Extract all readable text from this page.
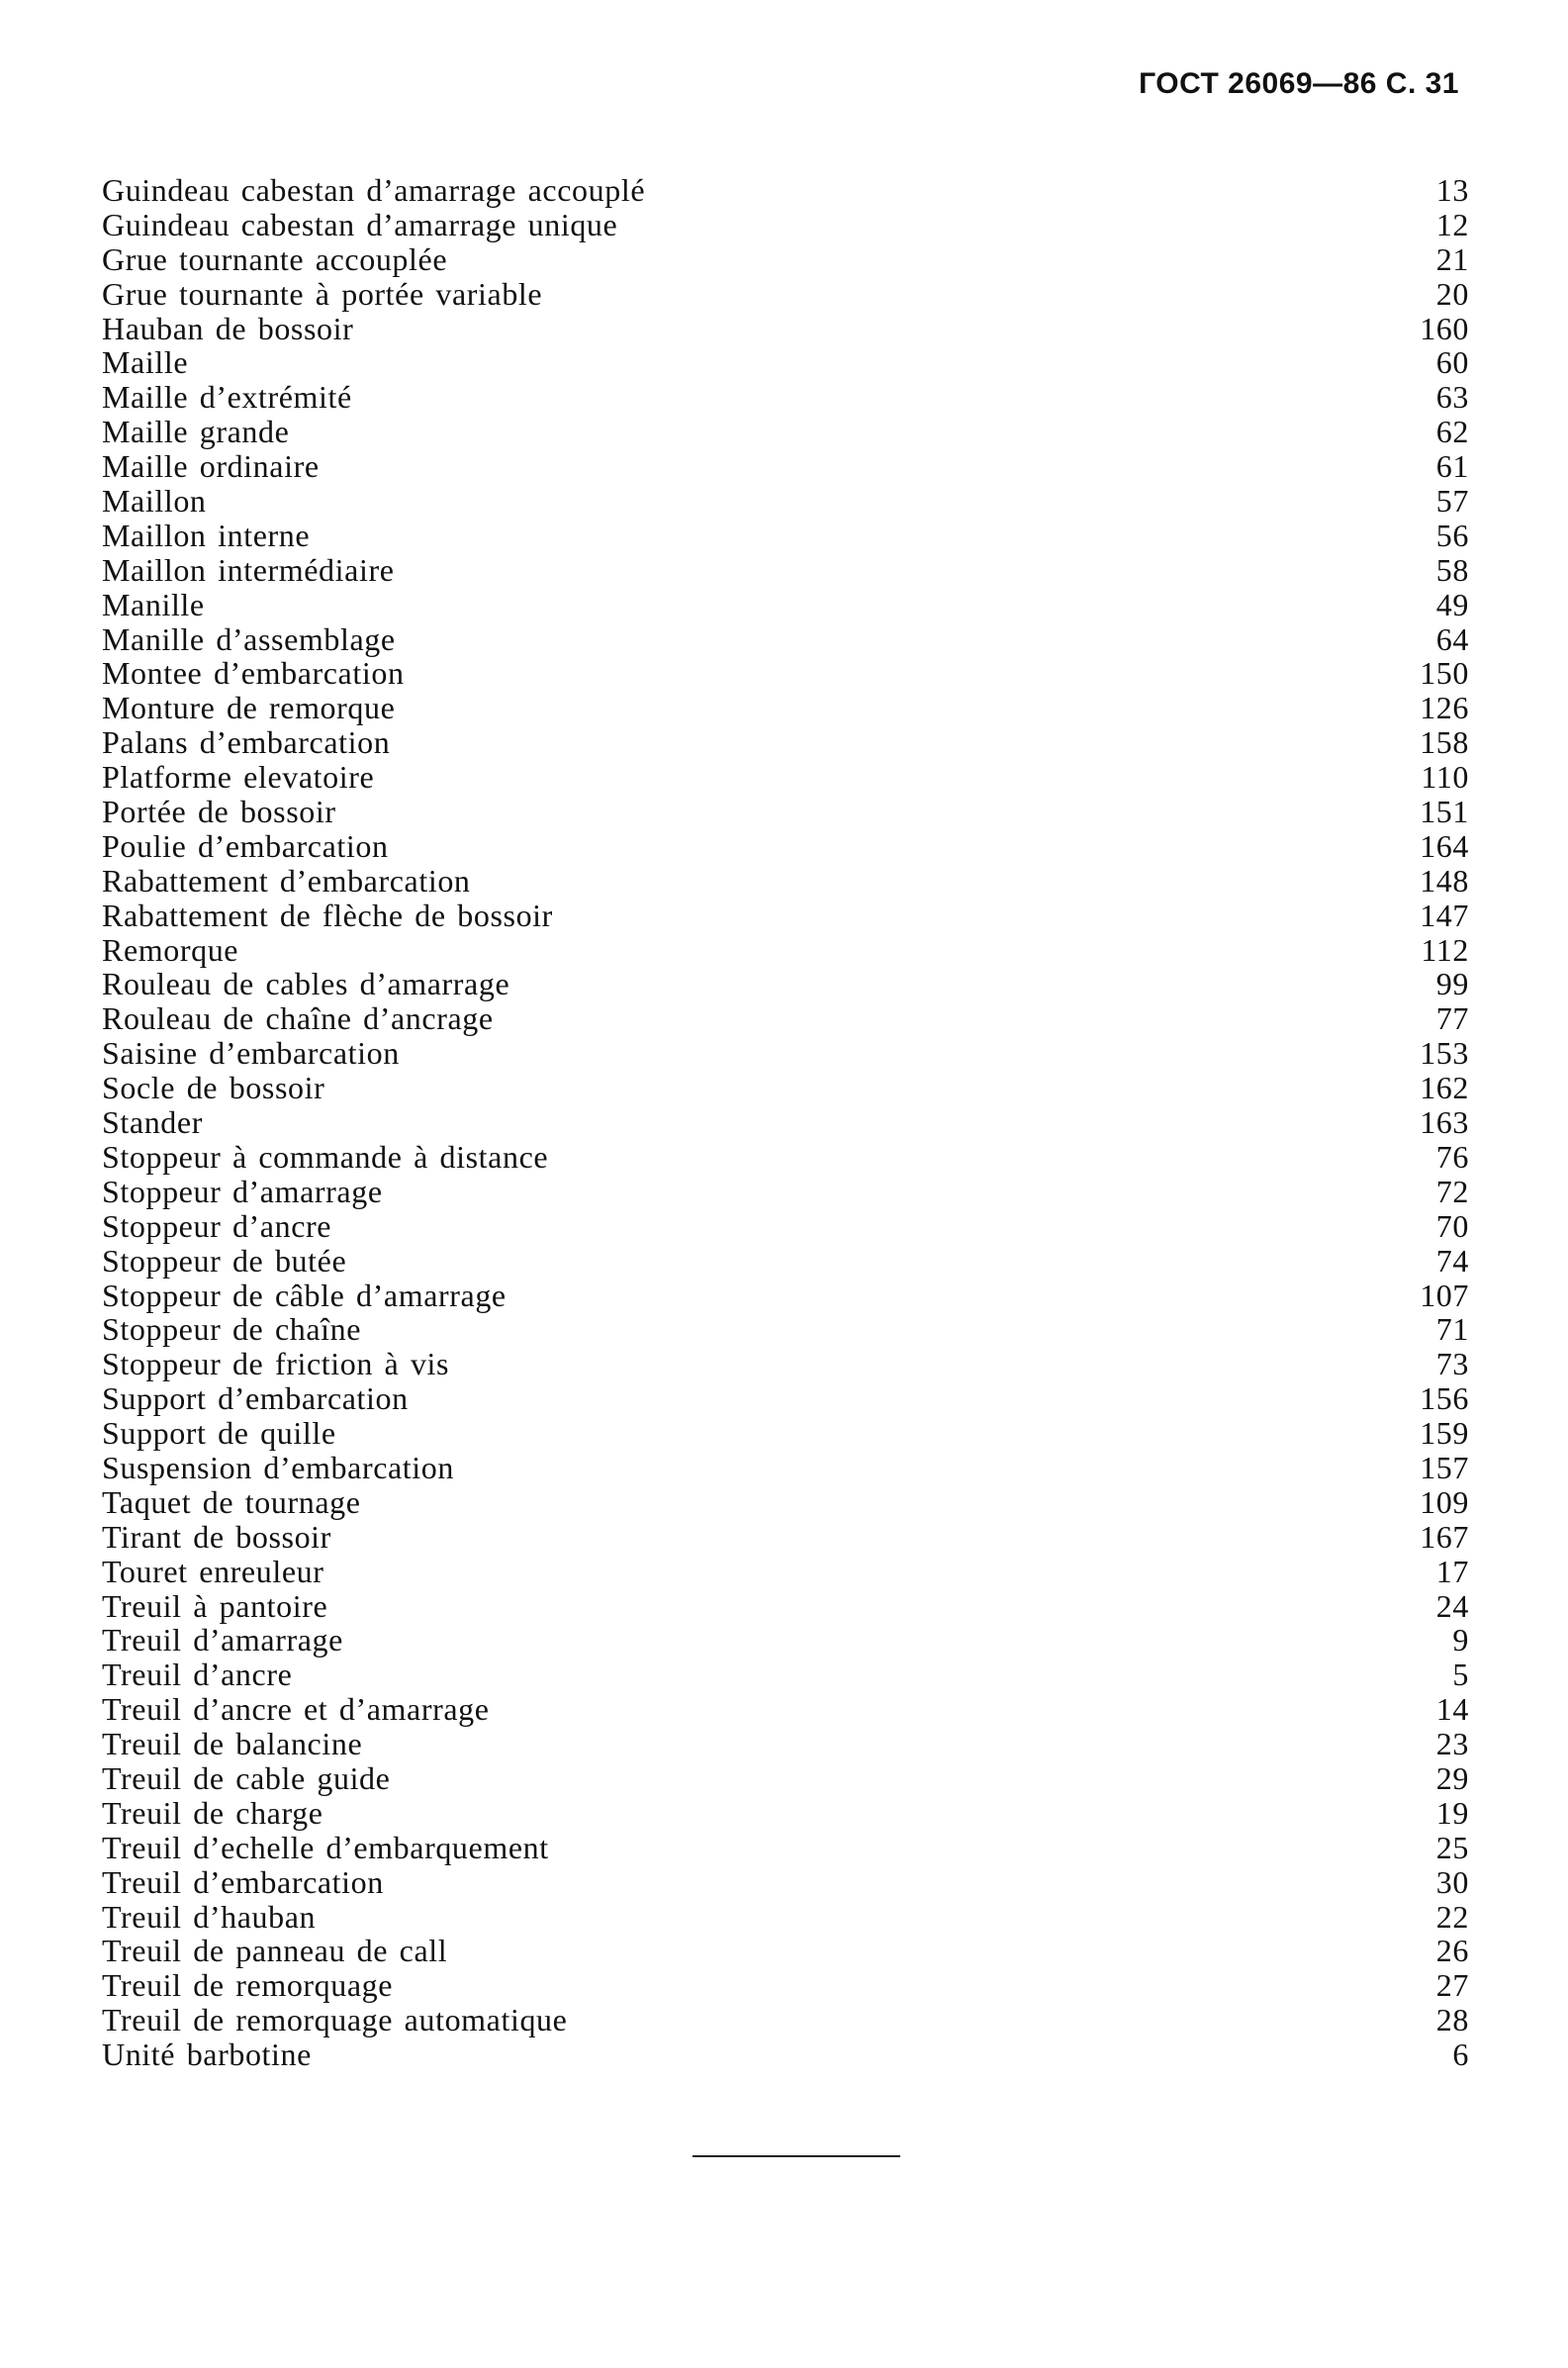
ГОСТ 26069—86 С. 31
Guindeau cabestan d’amarrage accouplé	13
Guindeau cabestan d’amarrage unique	12
Grue tournante accouplée	21
Grue tournante à portée variable	20
Hauban de bossoir	160
Maille	60
Maille d’extrémité	63
Maille grande	62
Maille ordinaire	61
Maillon	57
Maillon interne	56
Maillon intermédiaire	58
Manille	49
Manille d’assemblage	64
Montee d’embarcation	150
Monture de remorque	126
Palans d’embarcation	158
Platforme elevatoire	110
Portée de bossoir	151
Poulie d’embarcation	164
Rabattement d’embarcation	148
Rabattement de flèche de bossoir	147
Remorque	112
Rouleau de cables d’amarrage	99
Rouleau de chaîne d’ancrage	77
Saisine d’embarcation	153
Socle de bossoir	162
Stander	163
Stoppeur à commande à distance	76
Stoppeur d’amarrage	72
Stoppeur d’ancre	70
Stoppeur de butée	74
Stoppeur de câble d’amarrage	107
Stoppeur de chaîne	71
Stoppeur de friction à vis	73
Support d’embarcation	156
Support de quille	159
Suspension d’embarcation	157
Taquet de tournage	109
Tirant de bossoir	167
Touret enreuleur	17
Treuil à pantoire	24
Treuil d’amarrage	9
Treuil d’ancre	5
Treuil d’ancre et d’amarrage	14
Treuil de balancine	23
Treuil de cable guide	29
Treuil de charge	19
Treuil d’echelle d’embarquement	25
Treuil d’embarcation	30
Treuil d’hauban	22
Treuil de panneau de call	26
Treuil de remorquage	27
Treuil de remorquage automatique	28
Unité barbotine	6
